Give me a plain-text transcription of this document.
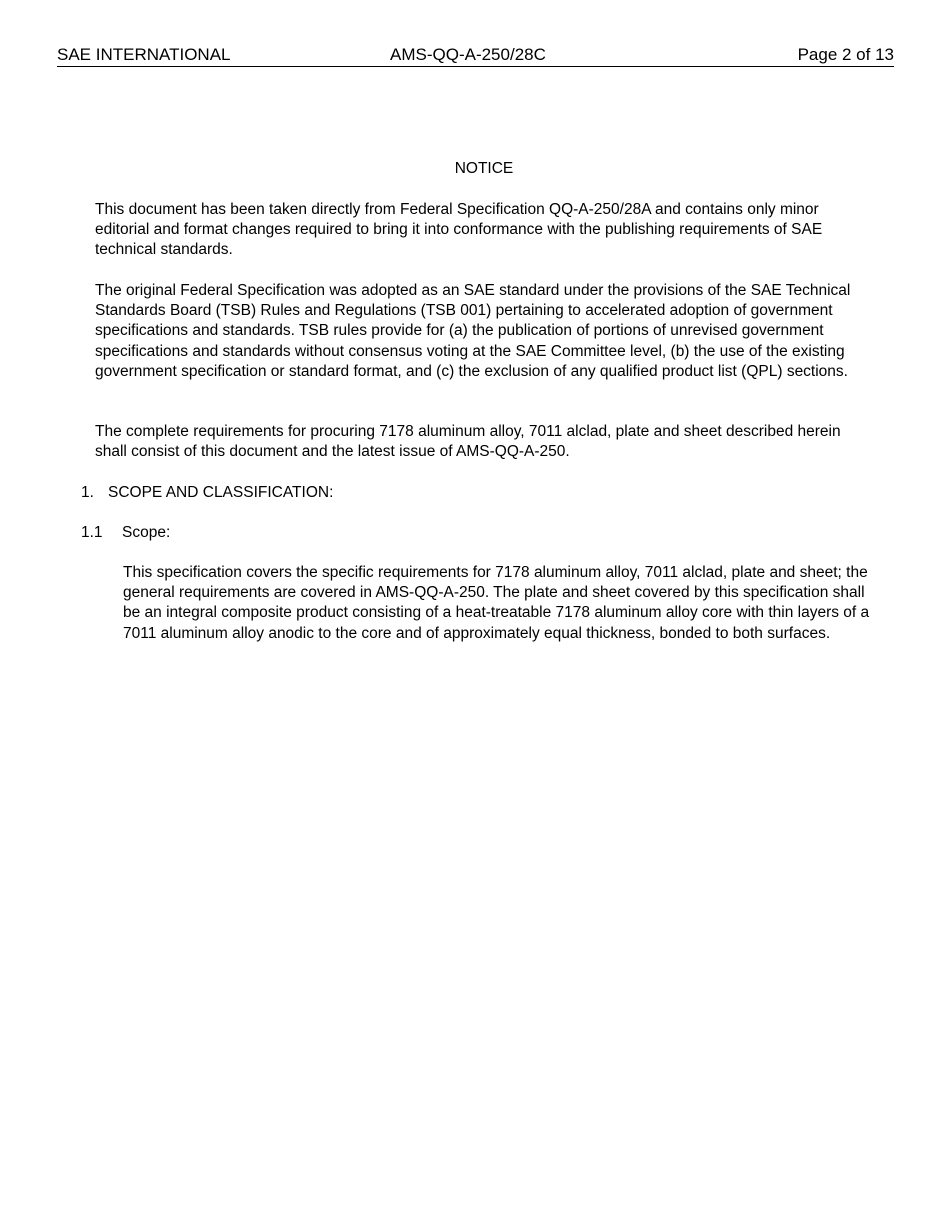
SAE INTERNATIONAL	AMS-QQ-A-250/28C	Page 2 of 13
NOTICE

This document has been taken directly from Federal Specification QQ-A-250/28A and contains only minor editorial and format changes required to bring it into conformance with the publishing requirements of SAE technical standards.

The original Federal Specification was adopted as an SAE standard under the provisions of the SAE Technical Standards Board (TSB) Rules and Regulations (TSB 001) pertaining to accelerated adoption of government specifications and standards. TSB rules provide for (a) the publication of portions of unrevised government specifications and standards without consensus voting at the SAE Committee level, (b) the use of the existing government specification or standard format, and (c) the exclusion of any qualified product list (QPL) sections.

The complete requirements for procuring 7178 aluminum alloy, 7011 alclad, plate and sheet described herein shall consist of this document and the latest issue of AMS-QQ-A-250.

1. SCOPE AND CLASSIFICATION:
1.1 Scope:

This specification covers the specific requirements for 7178 aluminum alloy, 7011 alclad, plate and sheet; the general requirements are covered in AMS-QQ-A-250. The plate and sheet covered by this specification shall be an integral composite product consisting of a heat-treatable 7178 aluminum alloy core with thin layers of a 7011 aluminum alloy anodic to the core and of approximately equal thickness, bonded to both surfaces.
